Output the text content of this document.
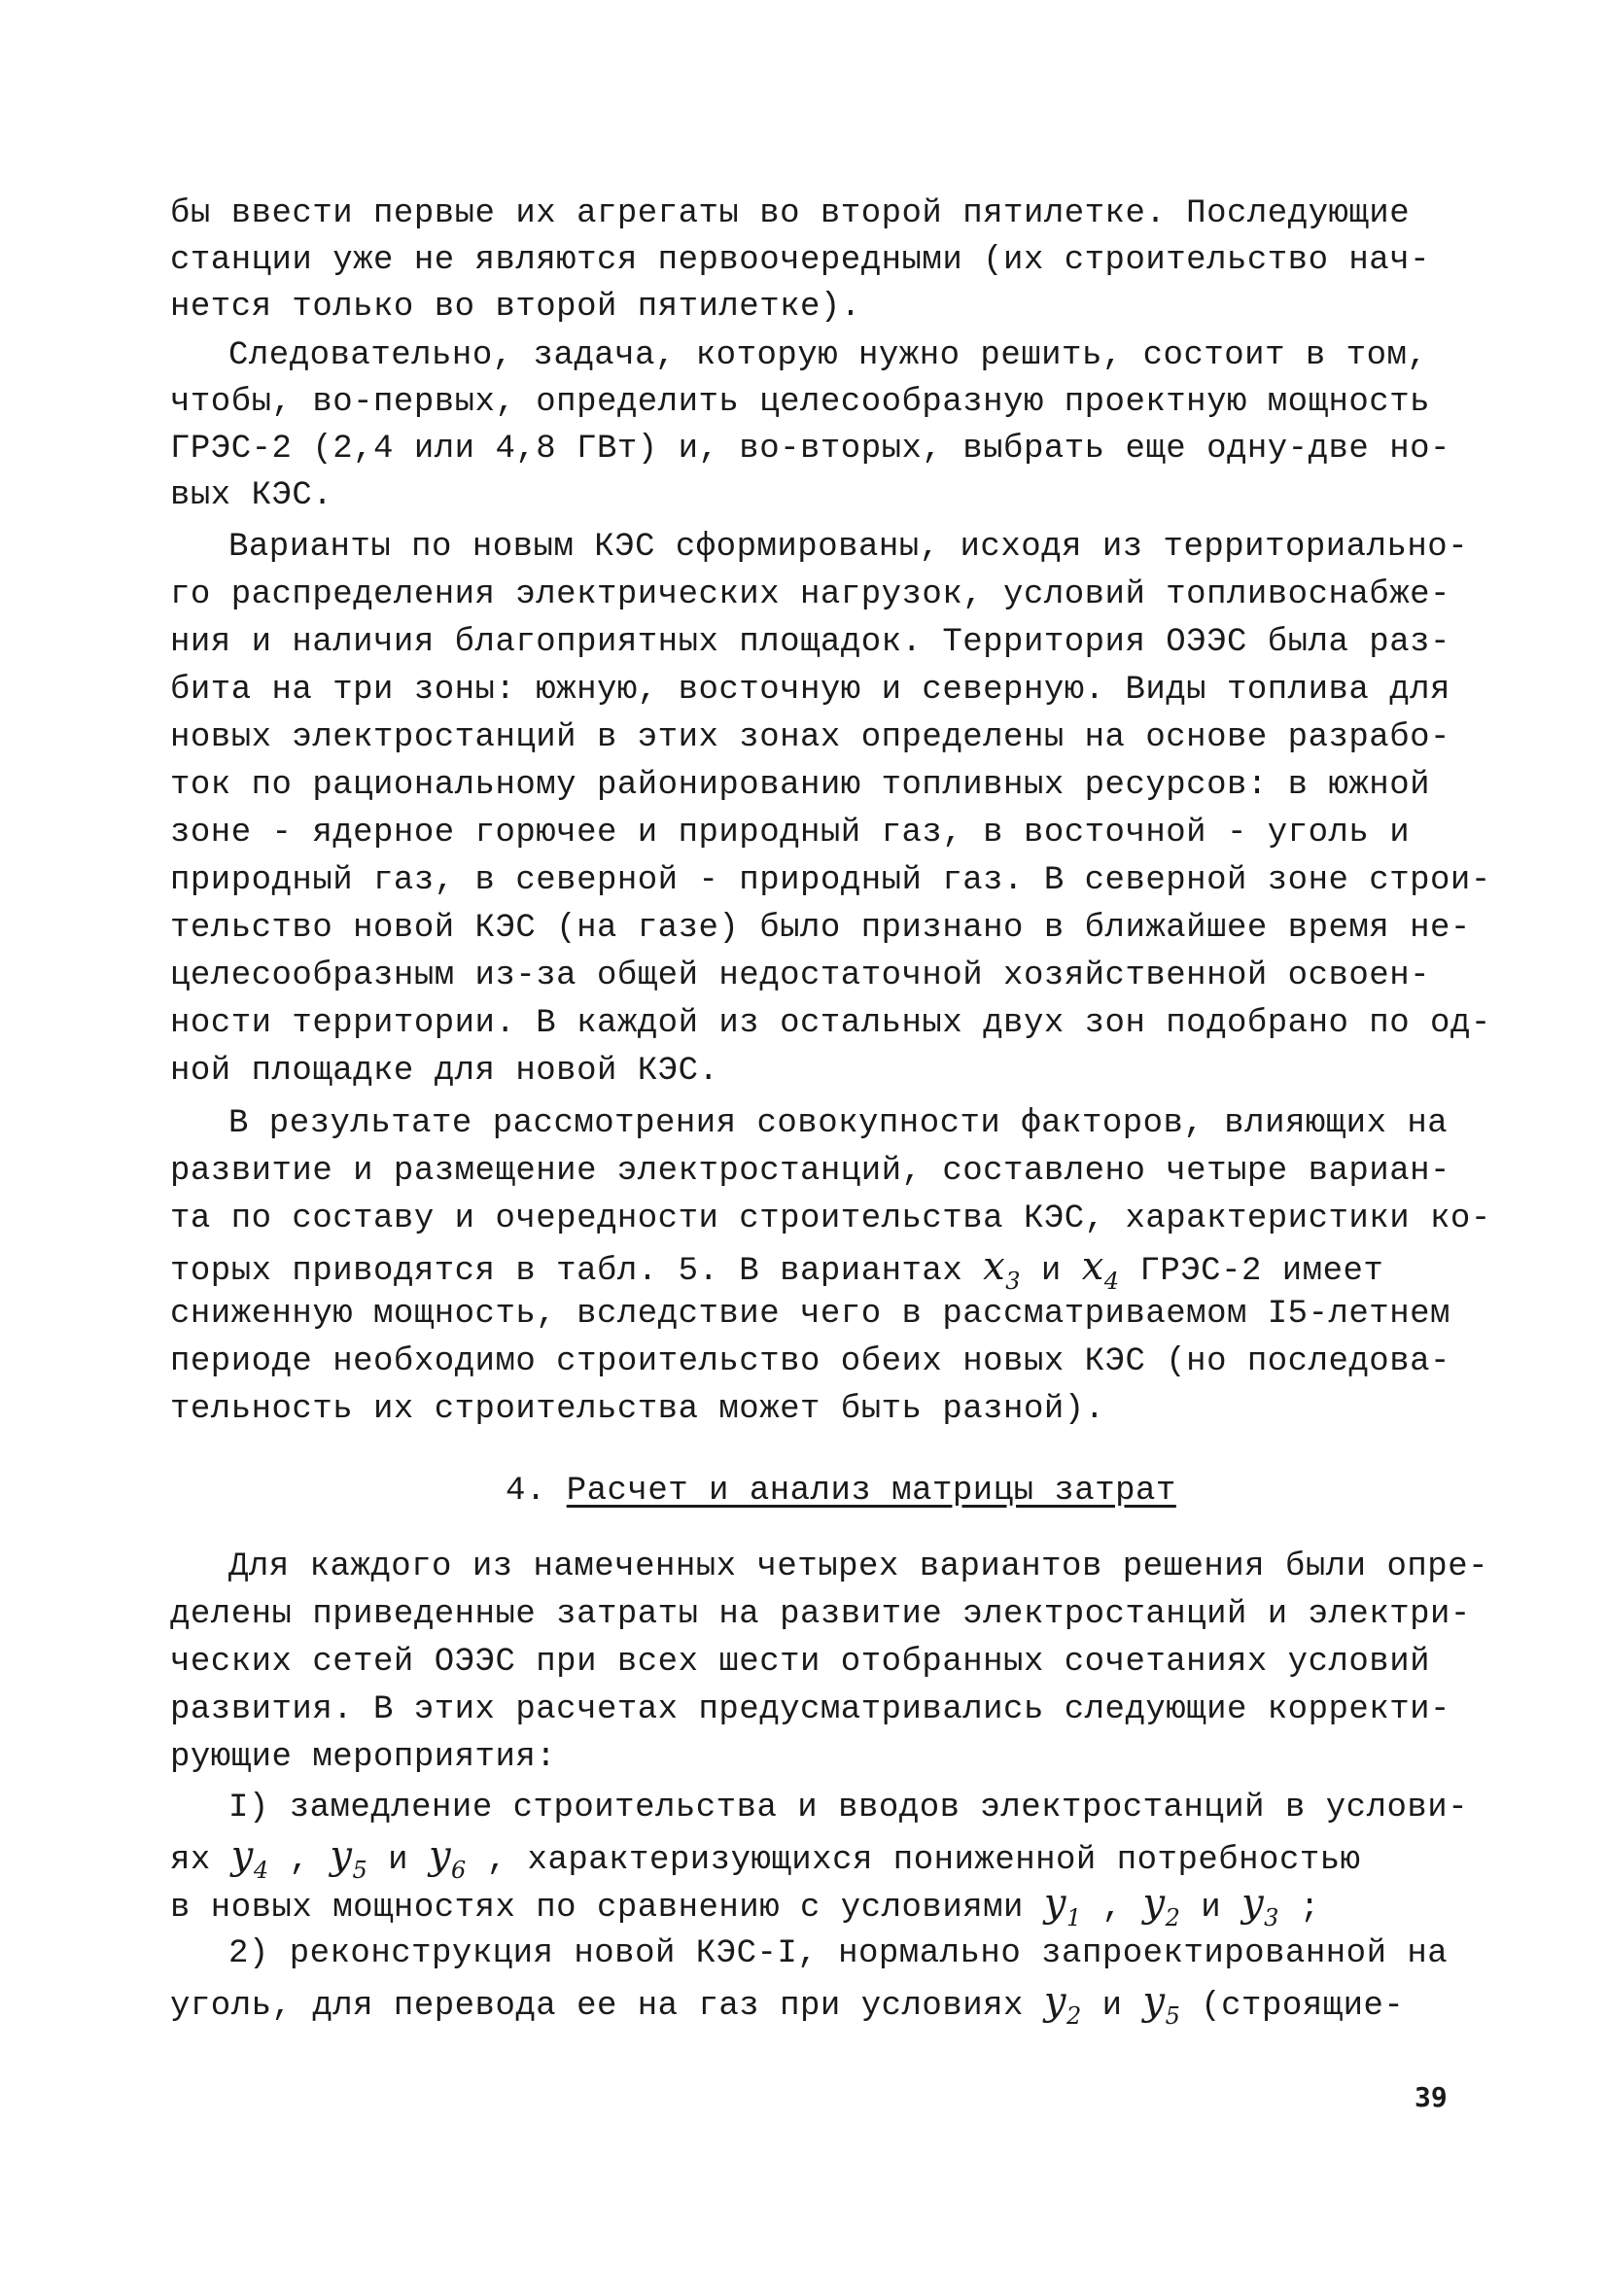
бы ввести первые их агрегаты во второй пятилетке. Последующие
станции уже не являются первоочередными (их строительство нач-
нется только во второй пятилетке).
Следовательно, задача, которую нужно решить, состоит в том,
чтобы, во-первых, определить целесообразную проектную мощность
ГРЭС-2 (2,4 или 4,8 ГВт) и, во-вторых, выбрать еще одну-две но-
вых КЭС.
Варианты по новым КЭС сформированы, исходя из территориально-
го распределения электрических нагрузок, условий топливоснабже-
ния и наличия благоприятных площадок. Территория ОЭЭС была раз-
бита на три зоны: южную, восточную и северную. Виды топлива для
новых электростанций в этих зонах определены на основе разрабо-
ток по рациональному районированию топливных ресурсов: в южной
зоне - ядерное горючее и природный газ, в восточной - уголь и
природный газ, в северной - природный газ. В северной зоне строи-
тельство новой КЭС (на газе) было признано в ближайшее время не-
целесообразным из-за общей недостаточной хозяйственной освоен-
ности территории. В каждой из остальных двух зон подобрано по од-
ной площадке для новой КЭС.
В результате рассмотрения совокупности факторов, влияющих на
развитие и размещение электростанций, составлено четыре вариан-
та по составу и очередности строительства КЭС, характеристики ко-
торых приводятся в табл. 5. В вариантах $x_3$ и $x_4$ ГРЭС-2 имеет
сниженную мощность, вследствие чего в рассматриваемом I5-летнем
периоде необходимо строительство обеих новых КЭС (но последова-
тельность их строительства может быть разной).
4. Расчет и анализ матрицы затрат
Для каждого из намеченных четырех вариантов решения были опре-
делены приведенные затраты на развитие электростанций и электри-
ческих сетей ОЭЭС при всех шести отобранных сочетаниях условий
развития. В этих расчетах предусматривались следующие корректи-
рующие мероприятия:
I) замедление строительства и вводов электростанций в услови-
ях $y_4$ , $y_5$ и $y_6$ , характеризующихся пониженной потребностью
в новых мощностях по сравнению с условиями $y_1$ , $y_2$ и $y_3$ ;
2) реконструкция новой КЭС-I, нормально запроектированной на
уголь, для перевода ее на газ при условиях $y_2$ и $y_5$ (строящие-
39
